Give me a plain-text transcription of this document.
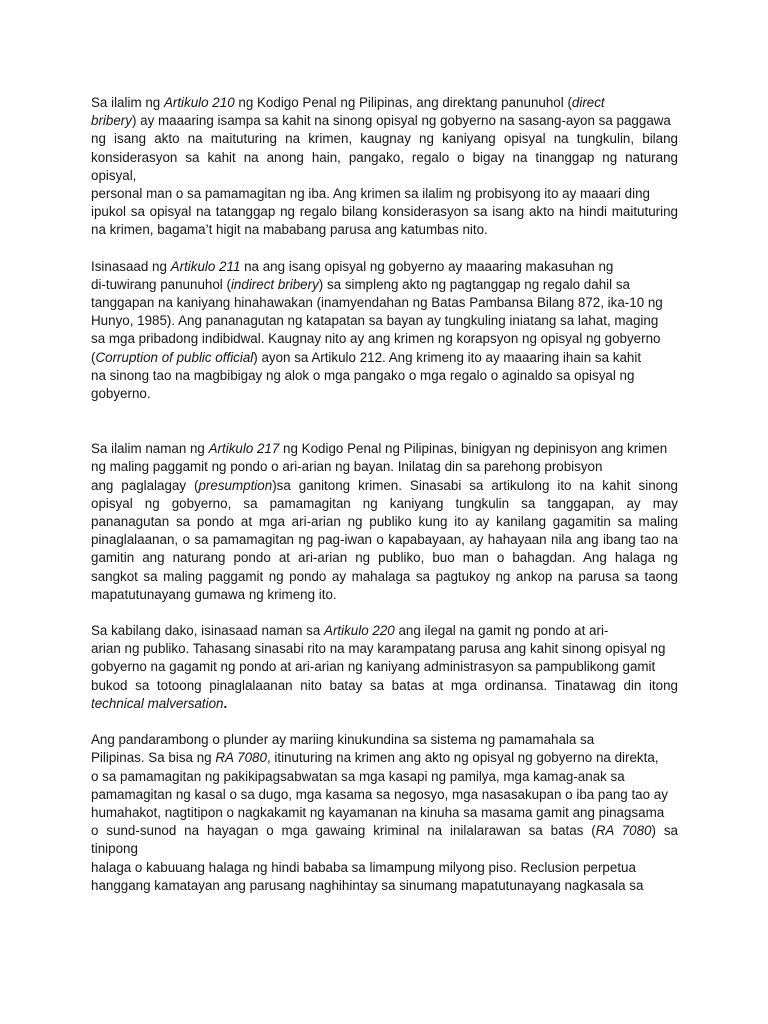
Sa ilalim ng Artikulo 210 ng Kodigo Penal ng Pilipinas, ang direktang panunuhol (direct
bribery) ay maaaring isampa sa kahit na sinong opisyal ng gobyerno na sasang-ayon sa paggawa
ng isang akto na maituturing na krimen, kaugnay ng kaniyang opisyal na tungkulin, bilang
konsiderasyon sa kahit na anong hain, pangako, regalo o bigay na tinanggap ng naturang
opisyal,
personal man o sa pamamagitan ng iba. Ang krimen sa ilalim ng probisyong ito ay maaari ding
ipukol sa opisyal na tatanggap ng regalo bilang konsiderasyon sa isang akto na hindi maituturing
na krimen, bagama’t higit na mababang parusa ang katumbas nito.

Isinasaad ng Artikulo 211 na ang isang opisyal ng gobyerno ay maaaring makasuhan ng
di-tuwirang panunuhol (indirect bribery) sa simpleng akto ng pagtanggap ng regalo dahil sa
tanggapan na kaniyang hinahawakan (inamyendahan ng Batas Pambansa Bilang 872, ika-10 ng
Hunyo, 1985). Ang pananagutan ng katapatan sa bayan ay tungkuling iniatang sa lahat, maging
sa mga pribadong indibidwal. Kaugnay nito ay ang krimen ng korapsyon ng opisyal ng gobyerno
(Corruption of public official) ayon sa Artikulo 212. Ang krimeng ito ay maaaring ihain sa kahit
na sinong tao na magbibigay ng alok o mga pangako o mga regalo o aginaldo sa opisyal ng
gobyerno.

Sa ilalim naman ng Artikulo 217 ng Kodigo Penal ng Pilipinas, binigyan ng depinisyon ang krimen
ng maling paggamit ng pondo o ari-arian ng bayan. Inilatag din sa parehong probisyon
ang paglalagay (presumption)sa ganitong krimen. Sinasabi sa artikulong ito na kahit sinong
opisyal ng gobyerno, sa pamamagitan ng kaniyang tungkulin sa tanggapan, ay may
pananagutan sa pondo at mga ari-arian ng publiko kung ito ay kanilang gagamitin sa maling
pinaglalaanan, o sa pamamagitan ng pag-iwan o kapabayaan, ay hahayaan nila ang ibang tao na
gamitin ang naturang pondo at ari-arian ng publiko, buo man o bahagdan. Ang halaga ng
sangkot sa maling paggamit ng pondo ay mahalaga sa pagtukoy ng ankop na parusa sa taong
mapatutunayang gumawa ng krimeng ito.

Sa kabilang dako, isinasaad naman sa Artikulo 220 ang ilegal na gamit ng pondo at ari-
arian ng publiko. Tahasang sinasabi rito na may karampatang parusa ang kahit sinong opisyal ng
gobyerno na gagamit ng pondo at ari-arian ng kaniyang administrasyon sa pampublikong gamit
bukod sa totoong pinaglalaanan nito batay sa batas at mga ordinansa. Tinatawag din itong
technical malversation.

Ang pandarambong o plunder ay mariing kinukundina sa sistema ng pamamahala sa
Pilipinas. Sa bisa ng RA 7080, itinuturing na krimen ang akto ng opisyal ng gobyerno na direkta,
o sa pamamagitan ng pakikipagsabwatan sa mga kasapi ng pamilya, mga kamag-anak sa
pamamagitan ng kasal o sa dugo, mga kasama sa negosyo, mga nasasakupan o iba pang tao ay
humahakot, nagtitipon o nagkakamit ng kayamanan na kinuha sa masama gamit ang pinagsama
o sund-sunod na hayagan o mga gawaing kriminal na inilalarawan sa batas (RA 7080) sa
tinipong
halaga o kabuuang halaga ng hindi bababa sa limampung milyong piso. Reclusion perpetua
hanggang kamatayan ang parusang naghihintay sa sinumang mapatutunayang nagkasala sa
